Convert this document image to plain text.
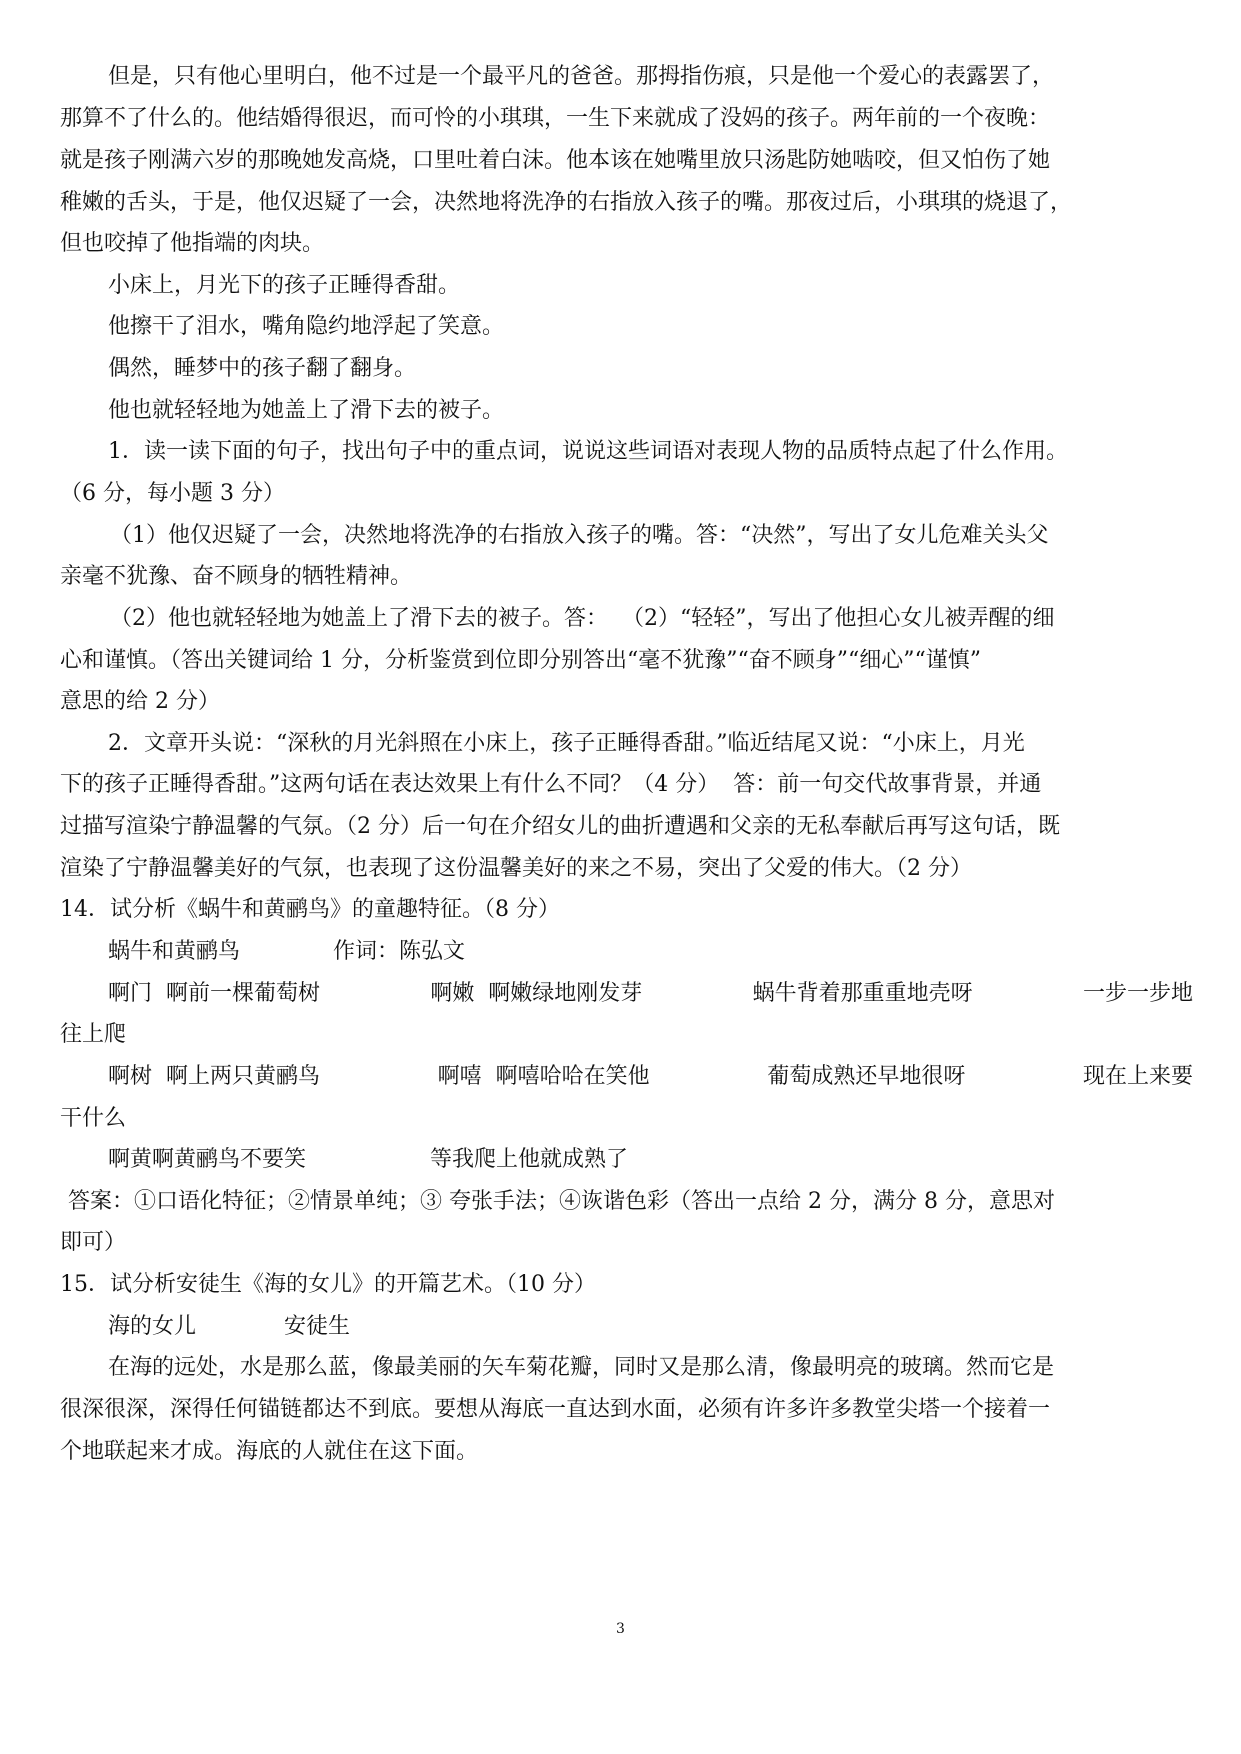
但是，只有他心里明白，他不过是一个最平凡的爸爸。那拇指伤痕，只是他一个爱心的表露罢了，
那算不了什么的。他结婚得很迟，而可怜的小琪琪，一生下来就成了没妈的孩子。两年前的一个夜晚：
就是孩子刚满六岁的那晚她发高烧，口里吐着白沫。他本该在她嘴里放只汤匙防她啮咬，但又怕伤了她
稚嫩的舌头，于是，他仅迟疑了一会，决然地将洗净的右指放入孩子的嘴。那夜过后，小琪琪的烧退了，
但也咬掉了他指端的肉块。
小床上，月光下的孩子正睡得香甜。
他擦干了泪水，嘴角隐约地浮起了笑意。
偶然，睡梦中的孩子翻了翻身。
他也就轻轻地为她盖上了滑下去的被子。
1．读一读下面的句子，找出句子中的重点词，说说这些词语对表现人物的品质特点起了什么作用。
（6 分，每小题 3 分）
（1）他仅迟疑了一会，决然地将洗净的右指放入孩子的嘴。答：“决然”，写出了女儿危难关头父
亲毫不犹豫、奋不顾身的牺牲精神。
（2）他也就轻轻地为她盖上了滑下去的被子。答：  （2）“轻轻”，写出了他担心女儿被弄醒的细
心和谨慎。（答出关键词给 1 分，分析鉴赏到位即分别答出“毫不犹豫”“奋不顾身”“细心”“谨慎”
意思的给 2 分）
2．文章开头说：“深秋的月光斜照在小床上，孩子正睡得香甜。”临近结尾又说：“小床上，月光
下的孩子正睡得香甜。”这两句话在表达效果上有什么不同？（4 分）  答：前一句交代故事背景，并通
过描写渲染宁静温馨的气氛。（2 分）后一句在介绍女儿的曲折遭遇和父亲的无私奉献后再写这句话，既
渲染了宁静温馨美好的气氛，也表现了这份温馨美好的来之不易，突出了父爱的伟大。（2 分）
14．试分析《蜗牛和黄鹂鸟》的童趣特征。（8 分）
蜗牛和黄鹂鸟	作词：陈弘文
啊门  啊前一棵葡萄树	啊嫩  啊嫩绿地刚发芽	蜗牛背着那重重地壳呀	一步一步地
往上爬
啊树  啊上两只黄鹂鸟	啊嘻  啊嘻哈哈在笑他	葡萄成熟还早地很呀	现在上来要
干什么
啊黄啊黄鹂鸟不要笑	等我爬上他就成熟了
答案：①口语化特征；②情景单纯；③ 夸张手法；④诙谐色彩（答出一点给 2 分，满分 8 分，意思对
即可）
15．试分析安徒生《海的女儿》的开篇艺术。（10 分）
海的女儿	安徒生
在海的远处，水是那么蓝，像最美丽的矢车菊花瓣，同时又是那么清，像最明亮的玻璃。然而它是
很深很深，深得任何锚链都达不到底。要想从海底一直达到水面，必须有许多许多教堂尖塔一个接着一
个地联起来才成。海底的人就住在这下面。
3
